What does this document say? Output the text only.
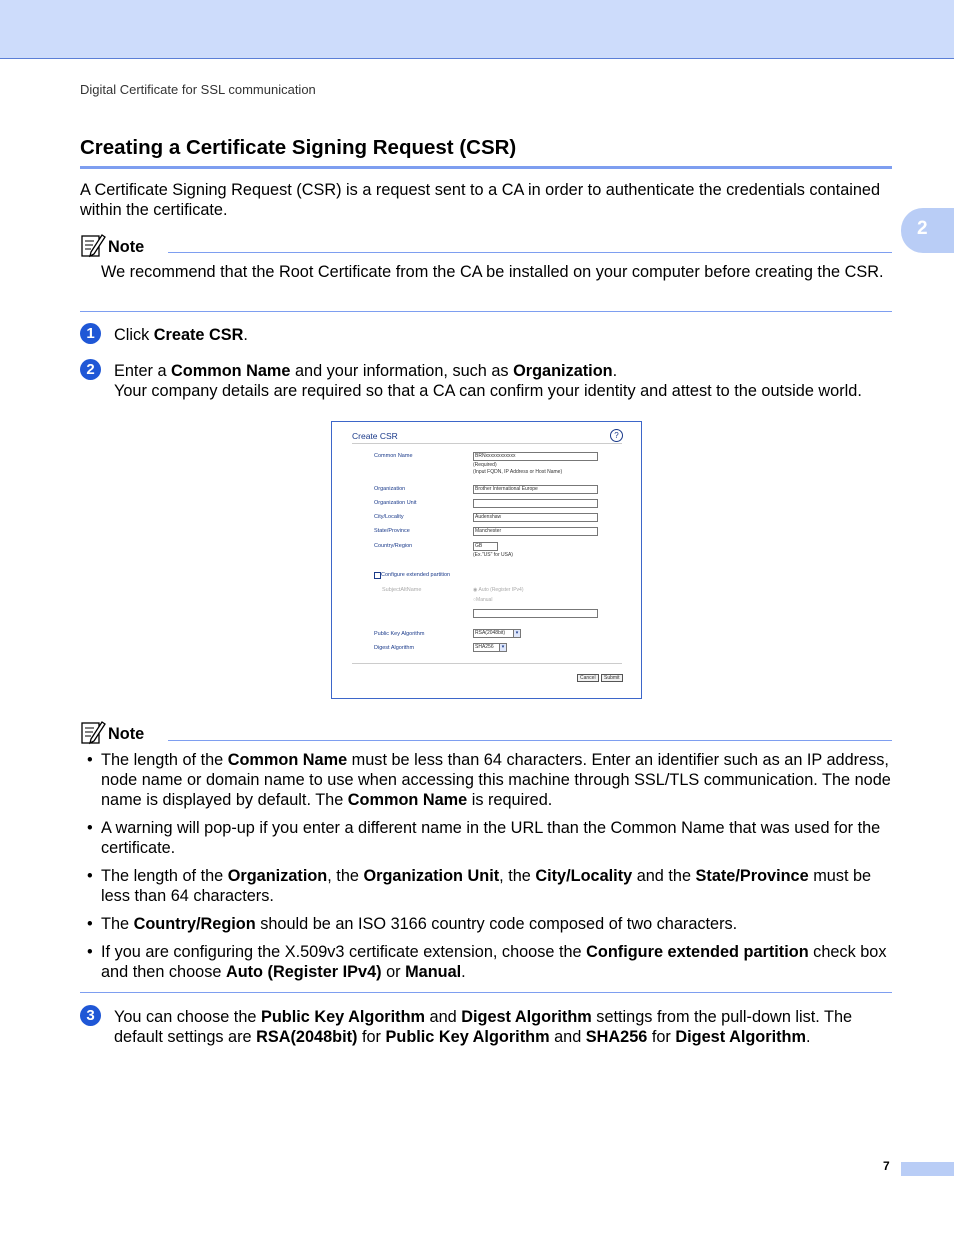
Digital Certificate for SSL communication
2
Creating a Certificate Signing Request (CSR)
A Certificate Signing Request (CSR) is a request sent to a CA in order to authenticate the credentials contained within the certificate.
Note
We recommend that the Root Certificate from the CA be installed on your computer before creating the CSR.
1	Click Create CSR.
2	Enter a Common Name and your information, such as Organization.
Your company details are required so that a CA can confirm your identity and attest to the outside world.
Create CSR	?
Common Name	BRNxxxxxxxxxxxx
(Required)
(Input FQDN, IP Address or Host Name)
Organization	Brother International Europe
Organization Unit
City/Locality	Audenshaw
State/Province	Manchester
Country/Region	GB
(Ex."US" for USA)
Configure extended partition
SubjectAltName	◉ Auto (Register IPv4)
○Manual
Public Key Algorithm	RSA(2048bit)	▾
Digest Algorithm	SHA256	▾
Cancel	Submit
Note
• The length of the Common Name must be less than 64 characters. Enter an identifier such as an IP address, node name or domain name to use when accessing this machine through SSL/TLS communication. The node name is displayed by default. The Common Name is required.
• A warning will pop-up if you enter a different name in the URL than the Common Name that was used for the certificate.
• The length of the Organization, the Organization Unit, the City/Locality and the State/Province must be less than 64 characters.
• The Country/Region should be an ISO 3166 country code composed of two characters.
• If you are configuring the X.509v3 certificate extension, choose the Configure extended partition check box and then choose Auto (Register IPv4) or Manual.
3	You can choose the Public Key Algorithm and Digest Algorithm settings from the pull-down list. The default settings are RSA(2048bit) for Public Key Algorithm and SHA256 for Digest Algorithm.
7
